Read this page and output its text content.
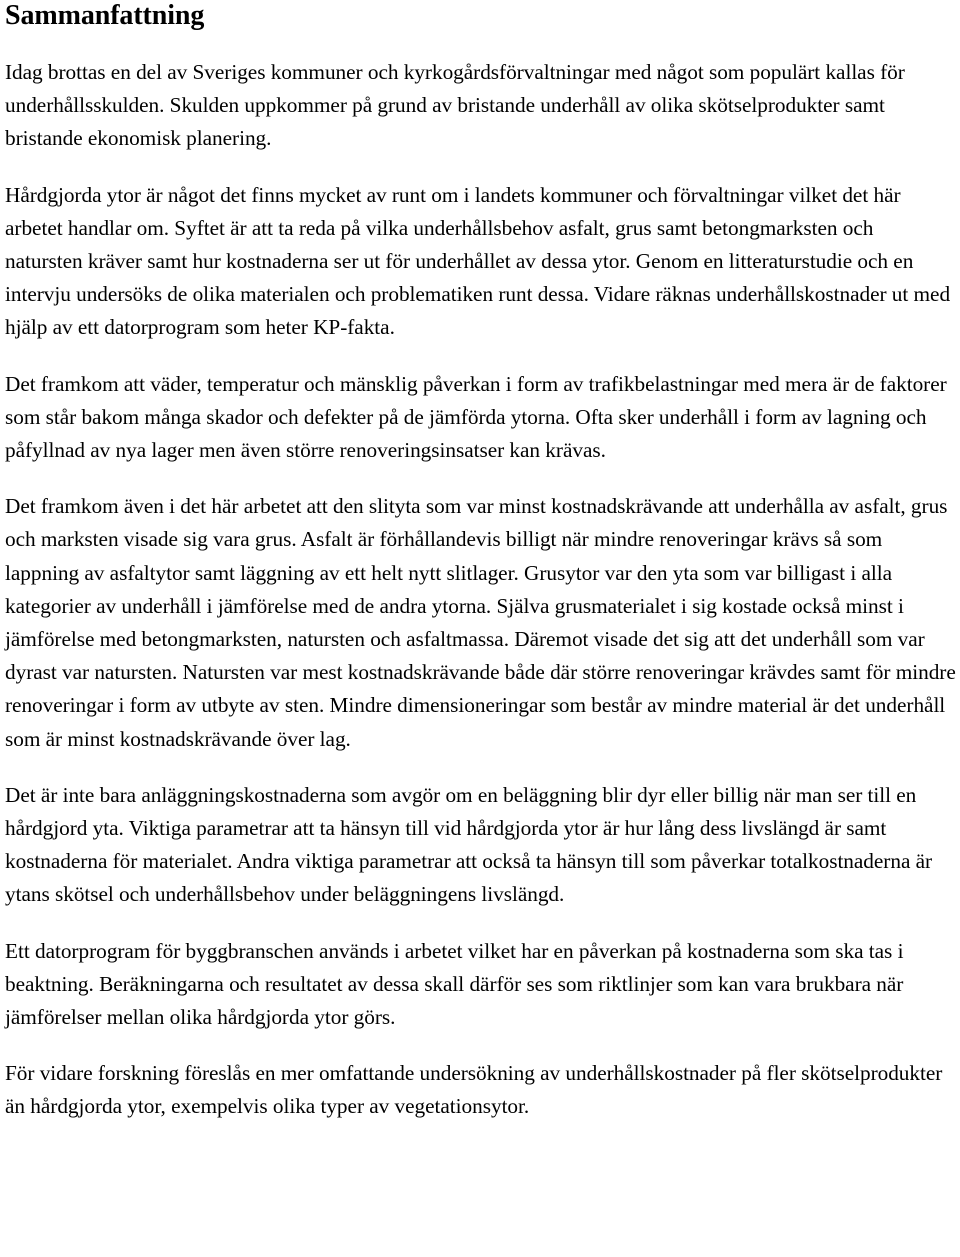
Sammanfattning

Idag brottas en del av Sveriges kommuner och kyrkogårdsförvaltningar med något som populärt kallas för underhållsskulden. Skulden uppkommer på grund av bristande underhåll av olika skötselprodukter samt bristande ekonomisk planering.

Hårdgjorda ytor är något det finns mycket av runt om i landets kommuner och förvaltningar vilket det här arbetet handlar om. Syftet är att ta reda på vilka underhållsbehov asfalt, grus samt betongmarksten och natursten kräver samt hur kostnaderna ser ut för underhållet av dessa ytor. Genom en litteraturstudie och en intervju undersöks de olika materialen och problematiken runt dessa. Vidare räknas underhållskostnader ut med hjälp av ett datorprogram som heter KP-fakta.

Det framkom att väder, temperatur och mänsklig påverkan i form av trafikbelastningar med mera är de faktorer som står bakom många skador och defekter på de jämförda ytorna. Ofta sker underhåll i form av lagning och påfyllnad av nya lager men även större renoveringsinsatser kan krävas.

Det framkom även i det här arbetet att den slityta som var minst kostnadskrävande att underhålla av asfalt, grus och marksten visade sig vara grus. Asfalt är förhållandevis billigt när mindre renoveringar krävs så som lappning av asfaltytor samt läggning av ett helt nytt slitlager. Grusytor var den yta som var billigast i alla kategorier av underhåll i jämförelse med de andra ytorna. Själva grusmaterialet i sig kostade också minst i jämförelse med betongmarksten, natursten och asfaltmassa. Däremot visade det sig att det underhåll som var dyrast var natursten. Natursten var mest kostnadskrävande både där större renoveringar krävdes samt för mindre renoveringar i form av utbyte av sten. Mindre dimensioneringar som består av mindre material är det underhåll som är minst kostnadskrävande över lag.

Det är inte bara anläggningskostnaderna som avgör om en beläggning blir dyr eller billig när man ser till en hårdgjord yta. Viktiga parametrar att ta hänsyn till vid hårdgjorda ytor är hur lång dess livslängd är samt kostnaderna för materialet. Andra viktiga parametrar att också ta hänsyn till som påverkar totalkostnaderna är ytans skötsel och underhållsbehov under beläggningens livslängd.

Ett datorprogram för byggbranschen används i arbetet vilket har en påverkan på kostnaderna som ska tas i beaktning. Beräkningarna och resultatet av dessa skall därför ses som riktlinjer som kan vara brukbara när jämförelser mellan olika hårdgjorda ytor görs.

För vidare forskning föreslås en mer omfattande undersökning av underhållskostnader på fler skötselprodukter än hårdgjorda ytor, exempelvis olika typer av vegetationsytor.
